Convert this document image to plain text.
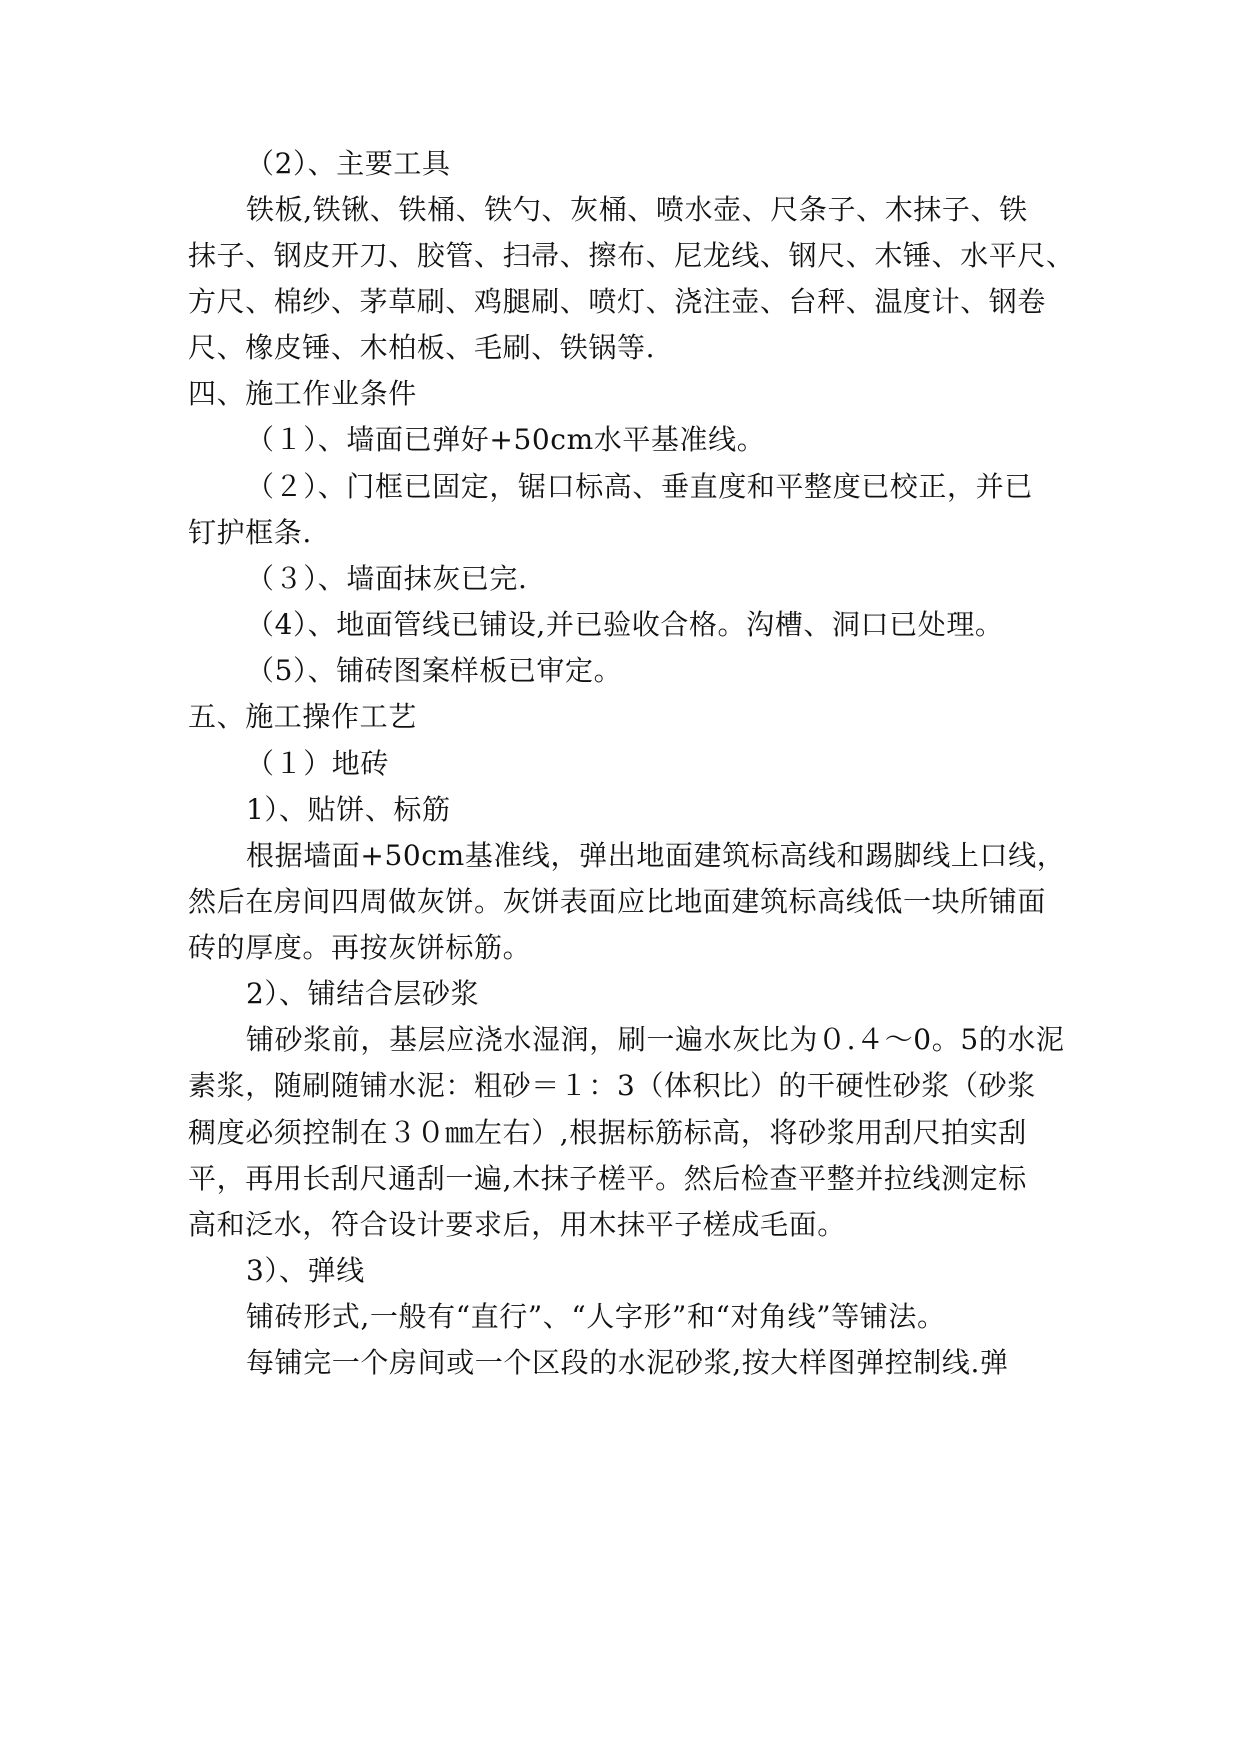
（2）、主要工具
铁板,铁锹、铁桶、铁勺、灰桶、喷水壶、尺条子、木抹子、铁
抹子、钢皮开刀、胶管、扫帚、擦布、尼龙线、钢尺、木锤、水平尺、
方尺、棉纱、茅草刷、鸡腿刷、喷灯、浇注壶、台秤、温度计、钢卷
尺、橡皮锤、木柏板、毛刷、铁锅等.
四、施工作业条件
（１）、墙面已弹好+50cm水平基准线。
（２）、门框已固定，锯口标高、垂直度和平整度已校正，并已
钉护框条.
（３）、墙面抹灰已完.
（4）、地面管线已铺设,并已验收合格。沟槽、洞口已处理。
（5）、铺砖图案样板已审定。
五、施工操作工艺
（１）地砖
1）、贴饼、标筋
根据墙面+50cm基准线，弹出地面建筑标高线和踢脚线上口线，
然后在房间四周做灰饼。灰饼表面应比地面建筑标高线低一块所铺面
砖的厚度。再按灰饼标筋。
2）、铺结合层砂浆
铺砂浆前，基层应浇水湿润，刷一遍水灰比为０.４～0。5的水泥
素浆，随刷随铺水泥：粗砂＝１：3（体积比）的干硬性砂浆（砂浆
稠度必须控制在３０㎜左右）,根据标筋标高，将砂浆用刮尺拍实刮
平，再用长刮尺通刮一遍,木抹子槎平。然后检查平整并拉线测定标
高和泛水，符合设计要求后，用木抹平子槎成毛面。
3）、弹线
铺砖形式,一般有“直行”、“人字形”和“对角线”等铺法。
每铺完一个房间或一个区段的水泥砂浆,按大样图弹控制线.弹
